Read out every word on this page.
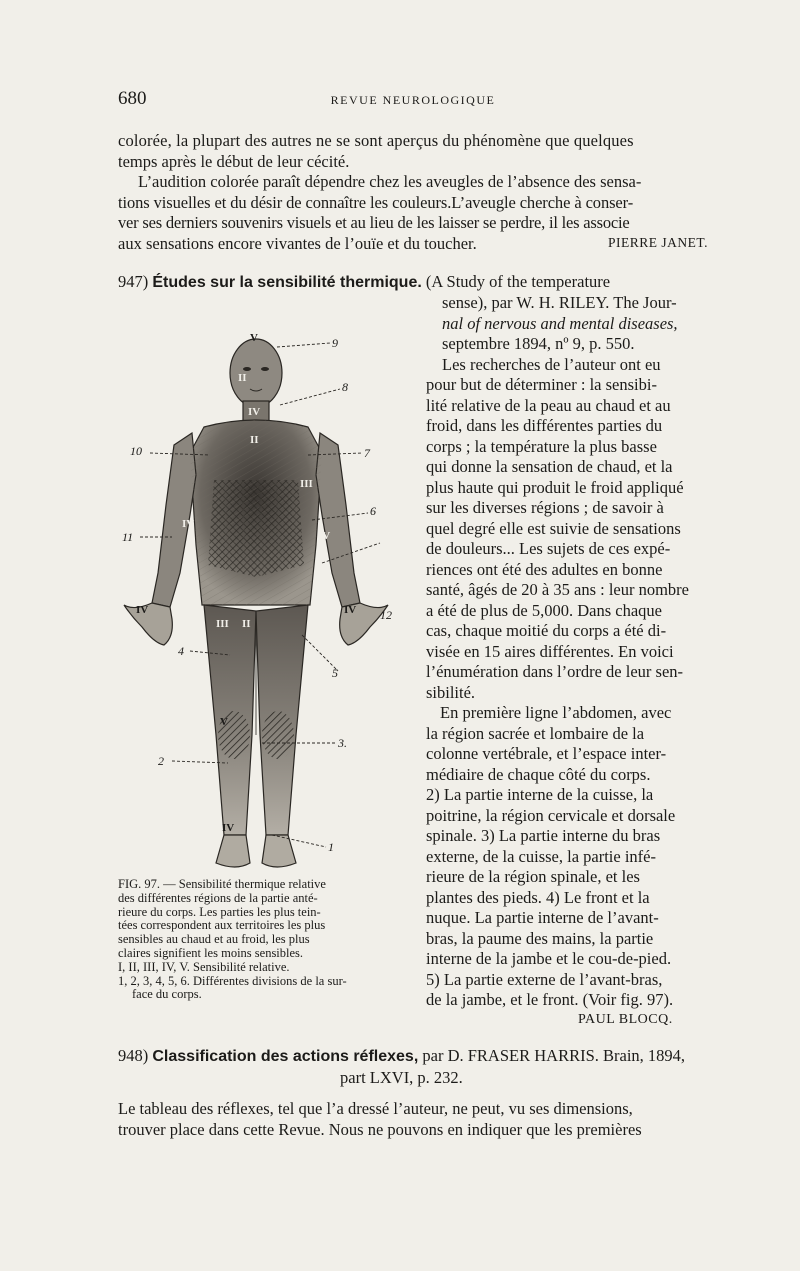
680	REVUE NEUROLOGIQUE
colorée, la plupart des autres ne se sont aperçus du phénomène que quelques
temps après le début de leur cécité.
L’audition colorée paraît dépendre chez les aveugles de l’absence des sensa-
tions visuelles et du désir de connaître les couleurs.L’aveugle cherche à conser-
ver ses derniers souvenirs visuels et au lieu de les laisser se perdre, il les associe
aux sensations encore vivantes de l’ouïe et du toucher.	PIERRE JANET.
947) Études sur la sensibilité thermique. (A Study of the temperature
sense), par W. H. RILEY. The Jour-
nal of nervous and mental diseases,
septembre 1894, nº 9, p. 550.
Les recherches de l’auteur ont eu
pour but de déterminer : la sensibi-
lité relative de la peau au chaud et au
froid, dans les différentes parties du
corps ; la température la plus basse
qui donne la sensation de chaud, et la
plus haute qui produit le froid appliqué
sur les diverses régions ; de savoir à
quel degré elle est suivie de sensations
de douleurs... Les sujets de ces expé-
riences ont été des adultes en bonne
santé, âgés de 20 à 35 ans : leur nombre
a été de plus de 5,000. Dans chaque
cas, chaque moitié du corps a été di-
visée en 15 aires différentes. En voici
l’énumération dans l’ordre de leur sen-
sibilité.
En première ligne l’abdomen, avec
la région sacrée et lombaire de la
colonne vertébrale, et l’espace inter-
médiaire de chaque côté du corps.
2) La partie interne de la cuisse, la
poitrine, la région cervicale et dorsale
spinale. 3) La partie interne du bras
externe, de la cuisse, la partie infé-
rieure de la région spinale, et les
plantes des pieds. 4) Le front et la
nuque. La partie interne de l’avant-
bras, la paume des mains, la partie
interne de la jambe et le cou-de-pied.
5) La partie externe de l’avant-bras,
de la jambe, et le front. (Voir fig. 97).
PAUL BLOCQ.
9
8
7
6
12
5
3.
1
10
11
4
2
V
II
IV
II
III
IV
IV
IV	IV
III II
V
IV
FIG. 97. — Sensibilité thermique relative
des différentes régions de la partie anté-
rieure du corps. Les parties les plus tein-
tées correspondent aux territoires les plus
sensibles au chaud et au froid, les plus
claires signifient les moins sensibles.
I, II, III, IV, V. Sensibilité relative.
1, 2, 3, 4, 5, 6. Différentes divisions de la sur-
face du corps.
948) Classification des actions réflexes, par D. FRASER HARRIS. Brain, 1894,
part LXVI, p. 232.
Le tableau des réflexes, tel que l’a dressé l’auteur, ne peut, vu ses dimensions,
trouver place dans cette Revue. Nous ne pouvons en indiquer que les premières
